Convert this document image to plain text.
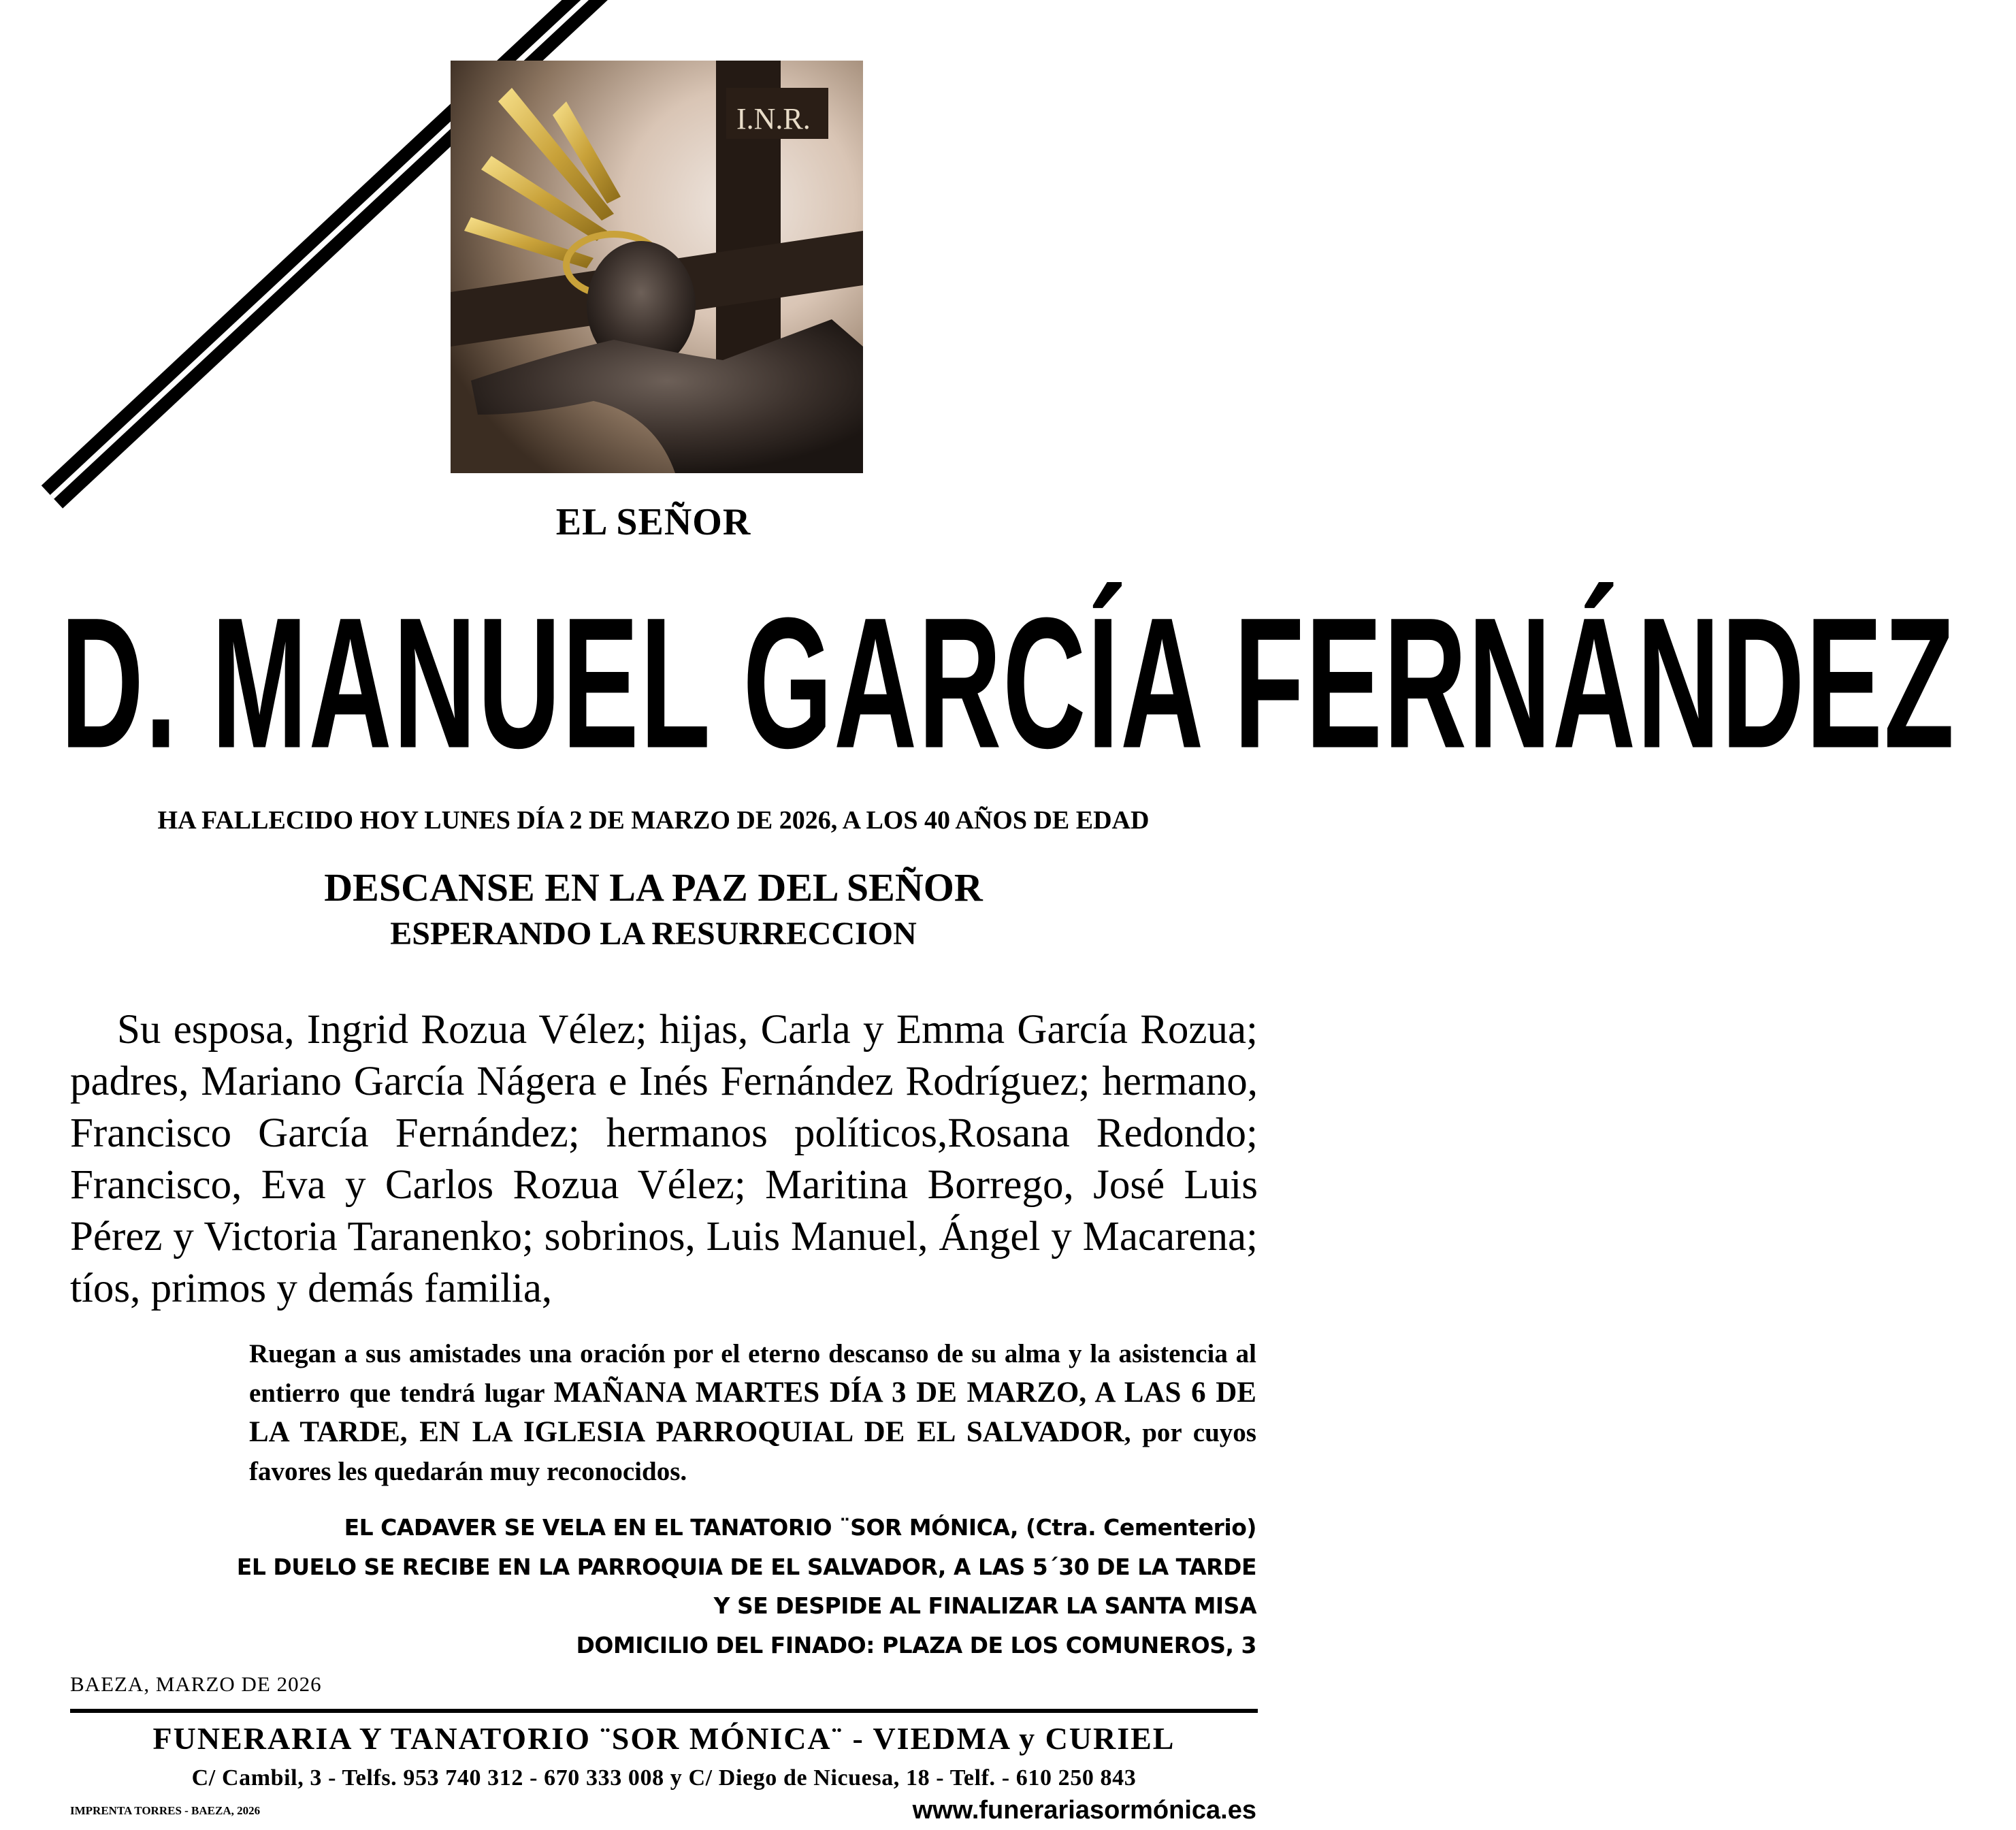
I.N.R.
EL SEÑOR
D. MANUEL GARCÍA FERNÁNDEZ
HA FALLECIDO HOY LUNES DÍA 2 DE MARZO DE 2026, A LOS 40 AÑOS DE EDAD
DESCANSE EN LA PAZ DEL SEÑOR
ESPERANDO LA RESURRECCION
Su esposa, Ingrid Rozua Vélez; hijas, Carla y Emma García Rozua; padres, Mariano García Nágera e Inés Fernández Rodríguez; hermano, Francisco García Fernández; hermanos políticos,Rosana Redondo; Francisco, Eva y Carlos Rozua Vélez; Maritina Borrego, José Luis Pérez y Victoria Taranenko; sobrinos, Luis Manuel, Ángel y Macarena; tíos, primos y demás familia,
Ruegan a sus amistades una oración por el eterno descanso de su alma y la asistencia al entierro que tendrá lugar MAÑANA MARTES DÍA 3 DE MARZO, A LAS 6 DE LA TARDE, EN LA IGLESIA PARROQUIAL DE EL SALVADOR, por cuyos favores les quedarán muy reconocidos.
EL CADAVER SE VELA EN EL TANATORIO ¨SOR MÓNICA, (Ctra. Cementerio)
EL DUELO SE RECIBE EN LA PARROQUIA DE EL SALVADOR, A LAS 5´30 DE LA TARDE
Y SE DESPIDE AL FINALIZAR LA SANTA MISA
DOMICILIO DEL FINADO: PLAZA DE LOS COMUNEROS, 3
BAEZA, MARZO DE 2026
FUNERARIA Y TANATORIO ¨SOR MÓNICA¨ - VIEDMA y CURIEL
C/ Cambil, 3 - Telfs. 953 740 312 - 670 333 008 y C/ Diego de Nicuesa, 18 - Telf. - 610 250 843
IMPRENTA TORRES - BAEZA, 2026	www.funerariasormónica.es
